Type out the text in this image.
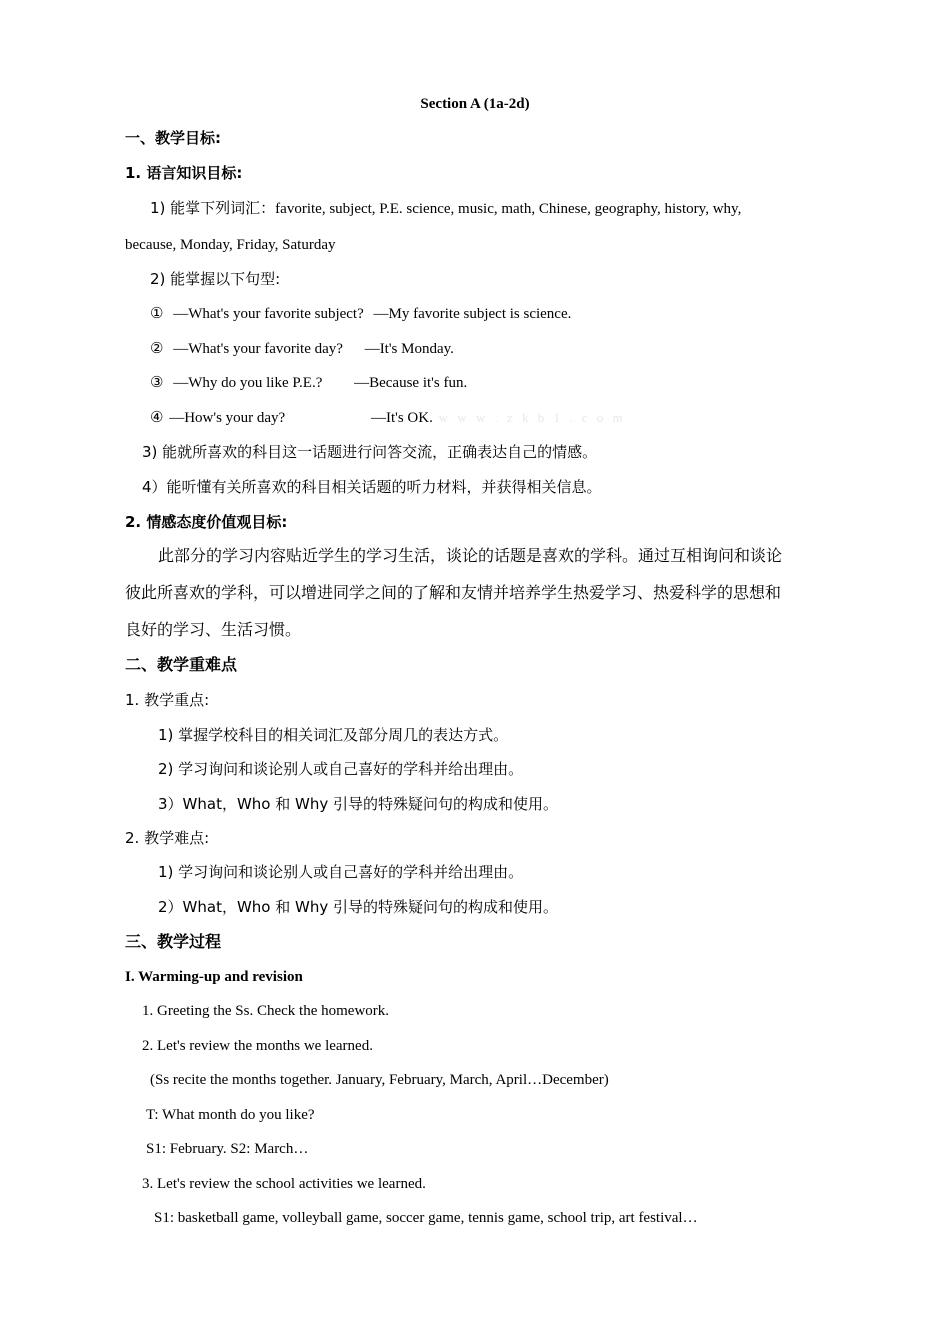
Section A (1a-2d)
一、教学目标:
1. 语言知识目标:
1) 能掌下列词汇：favorite, subject, P.E. science, music, math, Chinese, geography, history, why,
because, Monday, Friday, Saturday
2) 能掌握以下句型:
① —What's your favorite subject? —My favorite subject is science.
② —What's your favorite day? —It's Monday.
③ —Why do you like P.E.? —Because it's fun.
④ —How's your day?	—It's OK. w w w . z k b 1 . c o m
3) 能就所喜欢的科目这一话题进行问答交流，正确表达自己的情感。
4）能听懂有关所喜欢的科目相关话题的听力材料，并获得相关信息。
2. 情感态度价值观目标:
此部分的学习内容贴近学生的学习生活，谈论的话题是喜欢的学科。通过互相询问和谈论
彼此所喜欢的学科，可以增进同学之间的了解和友情并培养学生热爱学习、热爱科学的思想和
良好的学习、生活习惯。
二、教学重难点
1. 教学重点:
1) 掌握学校科目的相关词汇及部分周几的表达方式。
2) 学习询问和谈论别人或自己喜好的学科并给出理由。
3）What，Who 和 Why 引导的特殊疑问句的构成和使用。
2. 教学难点:
1) 学习询问和谈论别人或自己喜好的学科并给出理由。
2）What，Who 和 Why 引导的特殊疑问句的构成和使用。
三、教学过程
I. Warming-up and revision
1. Greeting the Ss. Check the homework.
2. Let's review the months we learned.
(Ss recite the months together. January, February, March, April…December)
T: What month do you like?
S1: February. S2: March…
3. Let's review the school activities we learned.
S1: basketball game, volleyball game, soccer game, tennis game, school trip, art festival…
